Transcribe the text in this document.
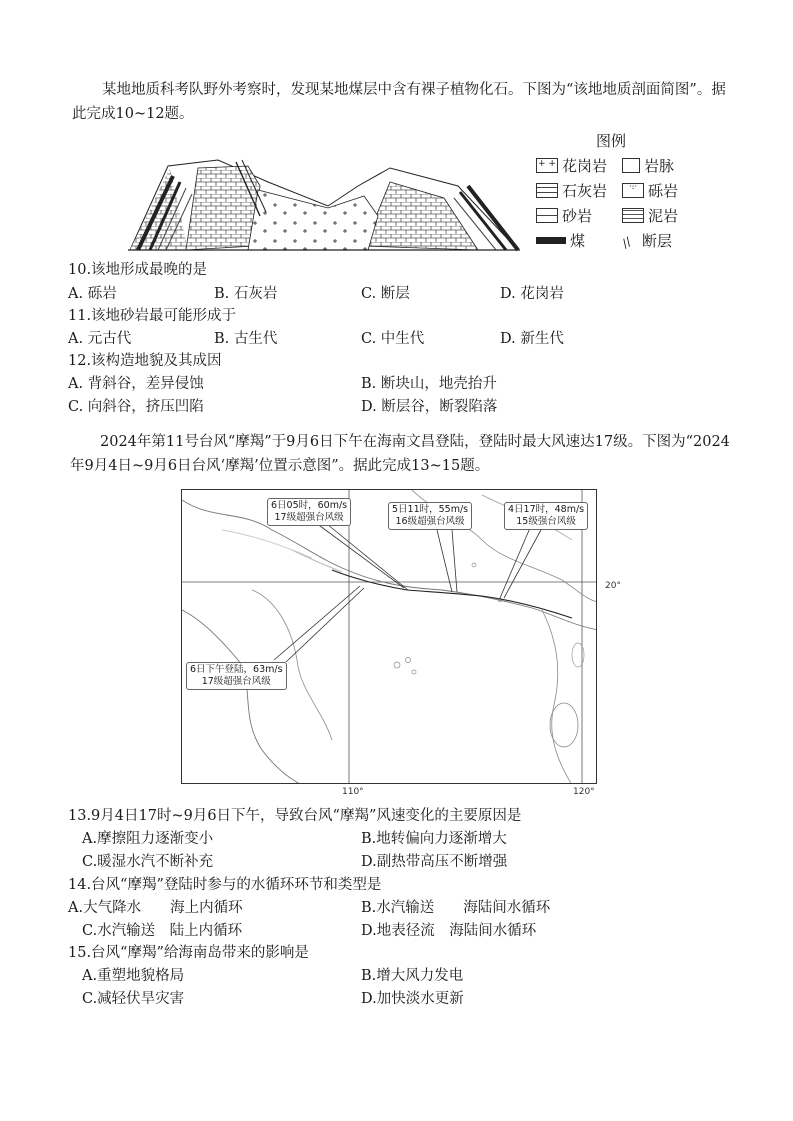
某地地质科考队野外考察时，发现某地煤层中含有裸子植物化石。下图为“该地地质剖面简图”。据此完成10~12题。
图例
+ + 花岗岩 岩脉
石灰岩	·:· 砾岩
砂岩	泥岩
煤	// 断层
10.该地形成最晚的是
A. 砾岩	B. 石灰岩	C. 断层	D. 花岗岩
11.该地砂岩最可能形成于
A. 元古代	B. 古生代	C. 中生代	D. 新生代
12.该构造地貌及其成因
A. 背斜谷，差异侵蚀	B. 断块山，地壳抬升
C. 向斜谷，挤压凹陷	D. 断层谷，断裂陷落
2024年第11号台风“摩羯”于9月6日下午在海南文昌登陆，登陆时最大风速达17级。下图为“2024年9月4日~9月6日台风‘摩羯’位置示意图”。据此完成13~15题。
6日05时，60m/s
17级超强台风级
5日11时，55m/s
16级超强台风级
4日17时，48m/s
15级强台风级
6日下午登陆，63m/s
17级超强台风级
20°
110°	120°
13.9月4日17时~9月6日下午，导致台风“摩羯”风速变化的主要原因是
A.摩擦阻力逐渐变小	B.地转偏向力逐渐增大
C.暖湿水汽不断补充	D.副热带高压不断增强
14.台风“摩羯”登陆时参与的水循环环节和类型是
A.大气降水　　海上内循环	B.水汽输送　　海陆间水循环
C.水汽输送　陆上内循环	D.地表径流　海陆间水循环
15.台风“摩羯”给海南岛带来的影响是
A.重塑地貌格局	B.增大风力发电
C.减轻伏旱灾害	D.加快淡水更新
